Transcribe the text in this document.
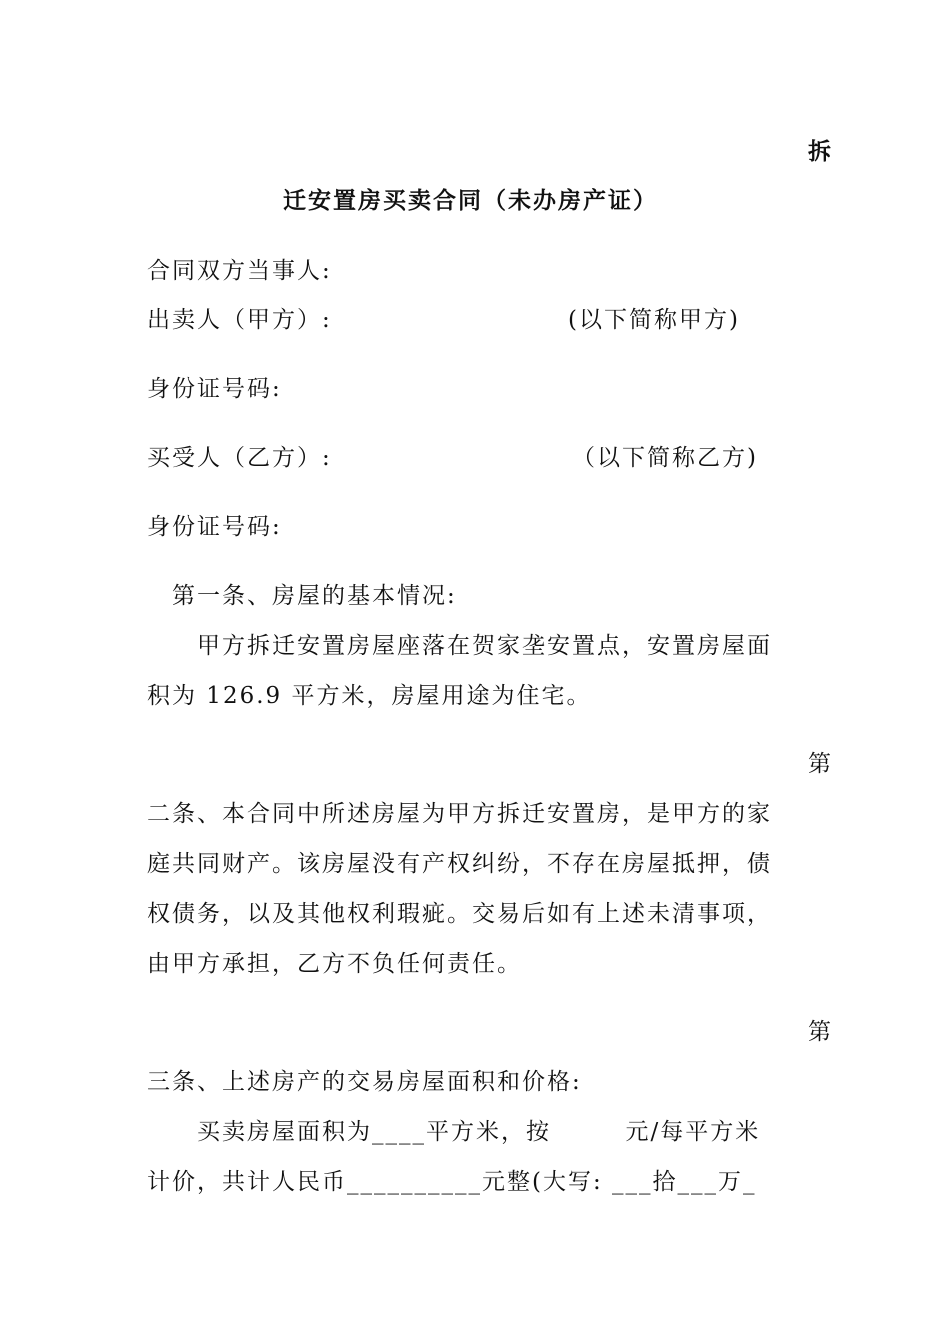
拆
迁安置房买卖合同（未办房产证）
合同双方当事人:
出卖人（甲方）:	(以下简称甲方)
身份证号码:
买受人（乙方）:	（以下简称乙方)
身份证号码:
第一条、房屋的基本情况:
甲方拆迁安置房屋座落在贺家垄安置点，安置房屋面
积为 126.9 平方米，房屋用途为住宅。
第
二条、本合同中所述房屋为甲方拆迁安置房，是甲方的家
庭共同财产。该房屋没有产权纠纷，不存在房屋抵押，债
权债务，以及其他权利瑕疵。交易后如有上述未清事项，
由甲方承担，乙方不负任何责任。
第
三条、上述房产的交易房屋面积和价格:
买卖房屋面积为____平方米，按        元/每平方米
计价，共计人民币__________元整(大写: ___拾___万_
